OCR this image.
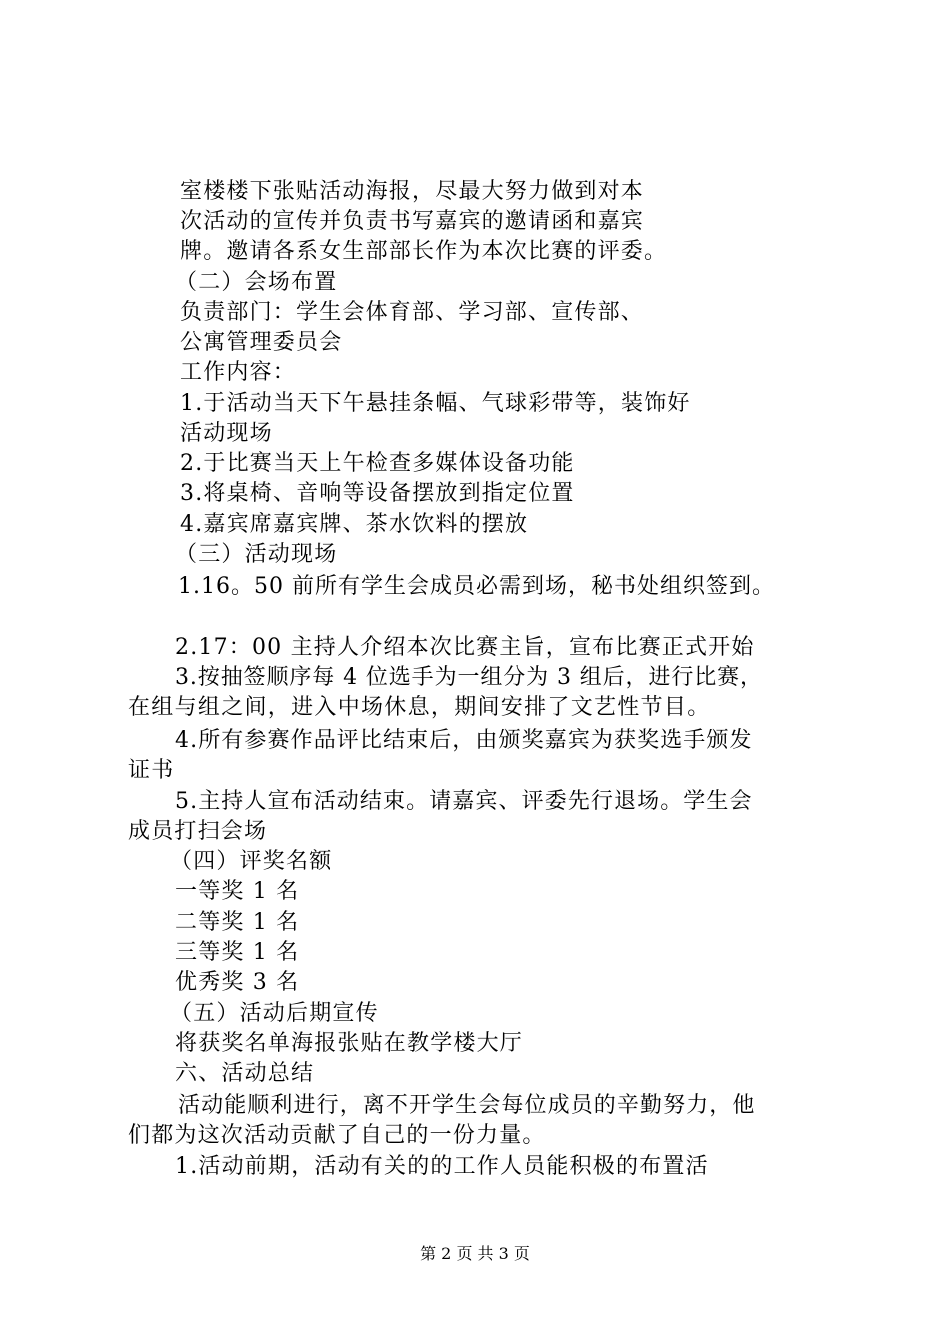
室楼楼下张贴活动海报，尽最大努力做到对本
次活动的宣传并负责书写嘉宾的邀请函和嘉宾
牌。邀请各系女生部部长作为本次比赛的评委。
（二）会场布置
负责部门：学生会体育部、学习部、宣传部、
公寓管理委员会
工作内容：
1.于活动当天下午悬挂条幅、气球彩带等，装饰好
活动现场
2.于比赛当天上午检查多媒体设备功能
3.将桌椅、音响等设备摆放到指定位置
4.嘉宾席嘉宾牌、茶水饮料的摆放
（三）活动现场
1.16。50 前所有学生会成员必需到场，秘书处组织签到。
2.17：00 主持人介绍本次比赛主旨，宣布比赛正式开始
3.按抽签顺序每 4 位选手为一组分为 3 组后，进行比赛，
在组与组之间，进入中场休息，期间安排了文艺性节目。
4.所有参赛作品评比结束后，由颁奖嘉宾为获奖选手颁发
证书
5.主持人宣布活动结束。请嘉宾、评委先行退场。学生会
成员打扫会场
（四）评奖名额
一等奖 1 名
二等奖 1 名
三等奖 1 名
优秀奖 3 名
（五）活动后期宣传
将获奖名单海报张贴在教学楼大厅
六、活动总结
活动能顺利进行，离不开学生会每位成员的辛勤努力，他
们都为这次活动贡献了自己的一份力量。
1.活动前期，活动有关的的工作人员能积极的布置活
第 2 页 共 3 页
